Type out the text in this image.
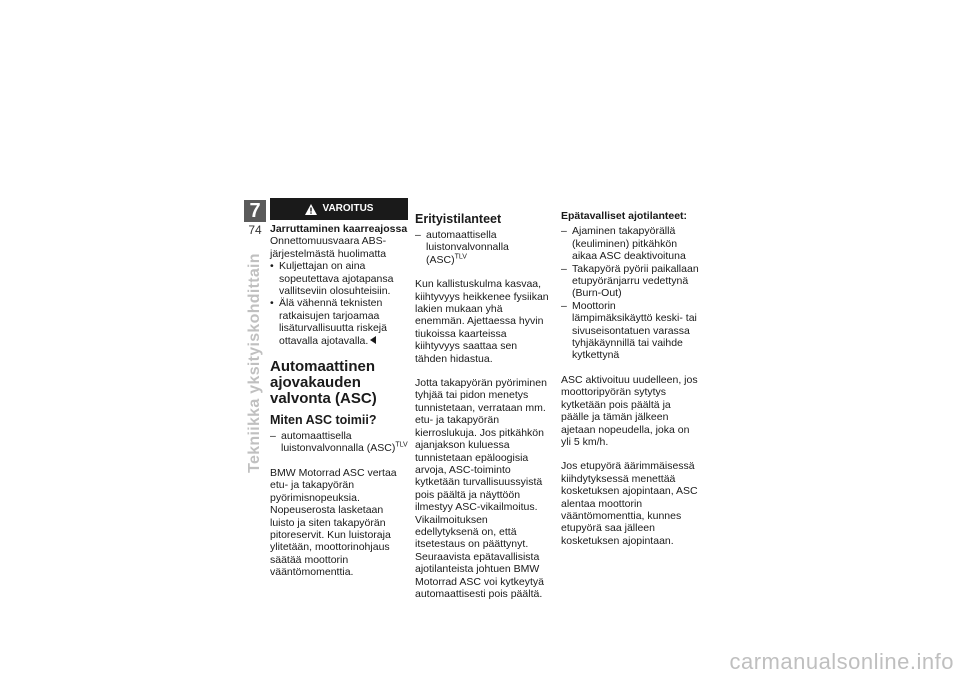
7
74
Tekniikka yksityiskohdittain
VAROITUS
Jarruttaminen kaarreajossa
Onnettomuusvaara ABS-järjestelmästä huolimatta
• Kuljettajan on aina sopeutettava ajotapansa vallitseviin olosuhteisiin.
• Älä vähennä teknisten ratkaisujen tarjoamaa lisäturvallisuutta riskejä ottavalla ajotavalla.
Automaattinen ajovakauden valvonta (ASC)
Miten ASC toimii?
– automaattisella luistonvalvonnalla (ASC)$^{TLV}$

BMW Motorrad ASC vertaa etu- ja takapyörän pyörimisnopeuksia. Nopeuserosta lasketaan luisto ja siten takapyörän pitoreservit. Kun luistoraja ylitetään, moottorinohjaus säätää moottorin vääntömomenttia.

Erityistilanteet
– automaattisella luistonvalvonnalla (ASC)$^{TLV}$

Kun kallistuskulma kasvaa, kiihtyvyys heikkenee fysiikan lakien mukaan yhä enemmän. Ajettaessa hyvin tiukoissa kaarteissa kiihtyvyys saattaa sen tähden hidastua.

Jotta takapyörän pyöriminen tyhjää tai pidon menetys tunnistetaan, verrataan mm. etu- ja takapyörän kierroslukuja. Jos pitkähkön ajanjakson kuluessa tunnistetaan epäloogisia arvoja, ASC-toiminto kytketään turvallisuussyistä pois päältä ja näyttöön ilmestyy ASC-vikailmoitus. Vikailmoituksen edellytyksenä on, että itsetestaus on päättynyt.

Seuraavista epätavallisista ajotilanteista johtuen BMW Motorrad ASC voi kytkeytyä automaattisesti pois päältä.

Epätavalliset ajotilanteet:
– Ajaminen takapyörällä (keuliminen) pitkähkön aikaa ASC deaktivoituna
– Takapyörä pyörii paikallaan etupyöränjarru vedettynä (Burn-Out)
– Moottorin lämpimäksikäyttö keski- tai sivuseisontatuen varassa tyhjäkäynnillä tai vaihde kytkettynä

ASC aktivoituu uudelleen, jos moottoripyörän sytytys kytketään pois päältä ja päälle ja tämän jälkeen ajetaan nopeudella, joka on yli 5 km/h.

Jos etupyörä äärimmäisessä kiihdytyksessä menettää kosketuksen ajopintaan, ASC alentaa moottorin vääntömomenttia, kunnes etupyörä saa jälleen kosketuksen ajopintaan.

carmanualsonline.info
